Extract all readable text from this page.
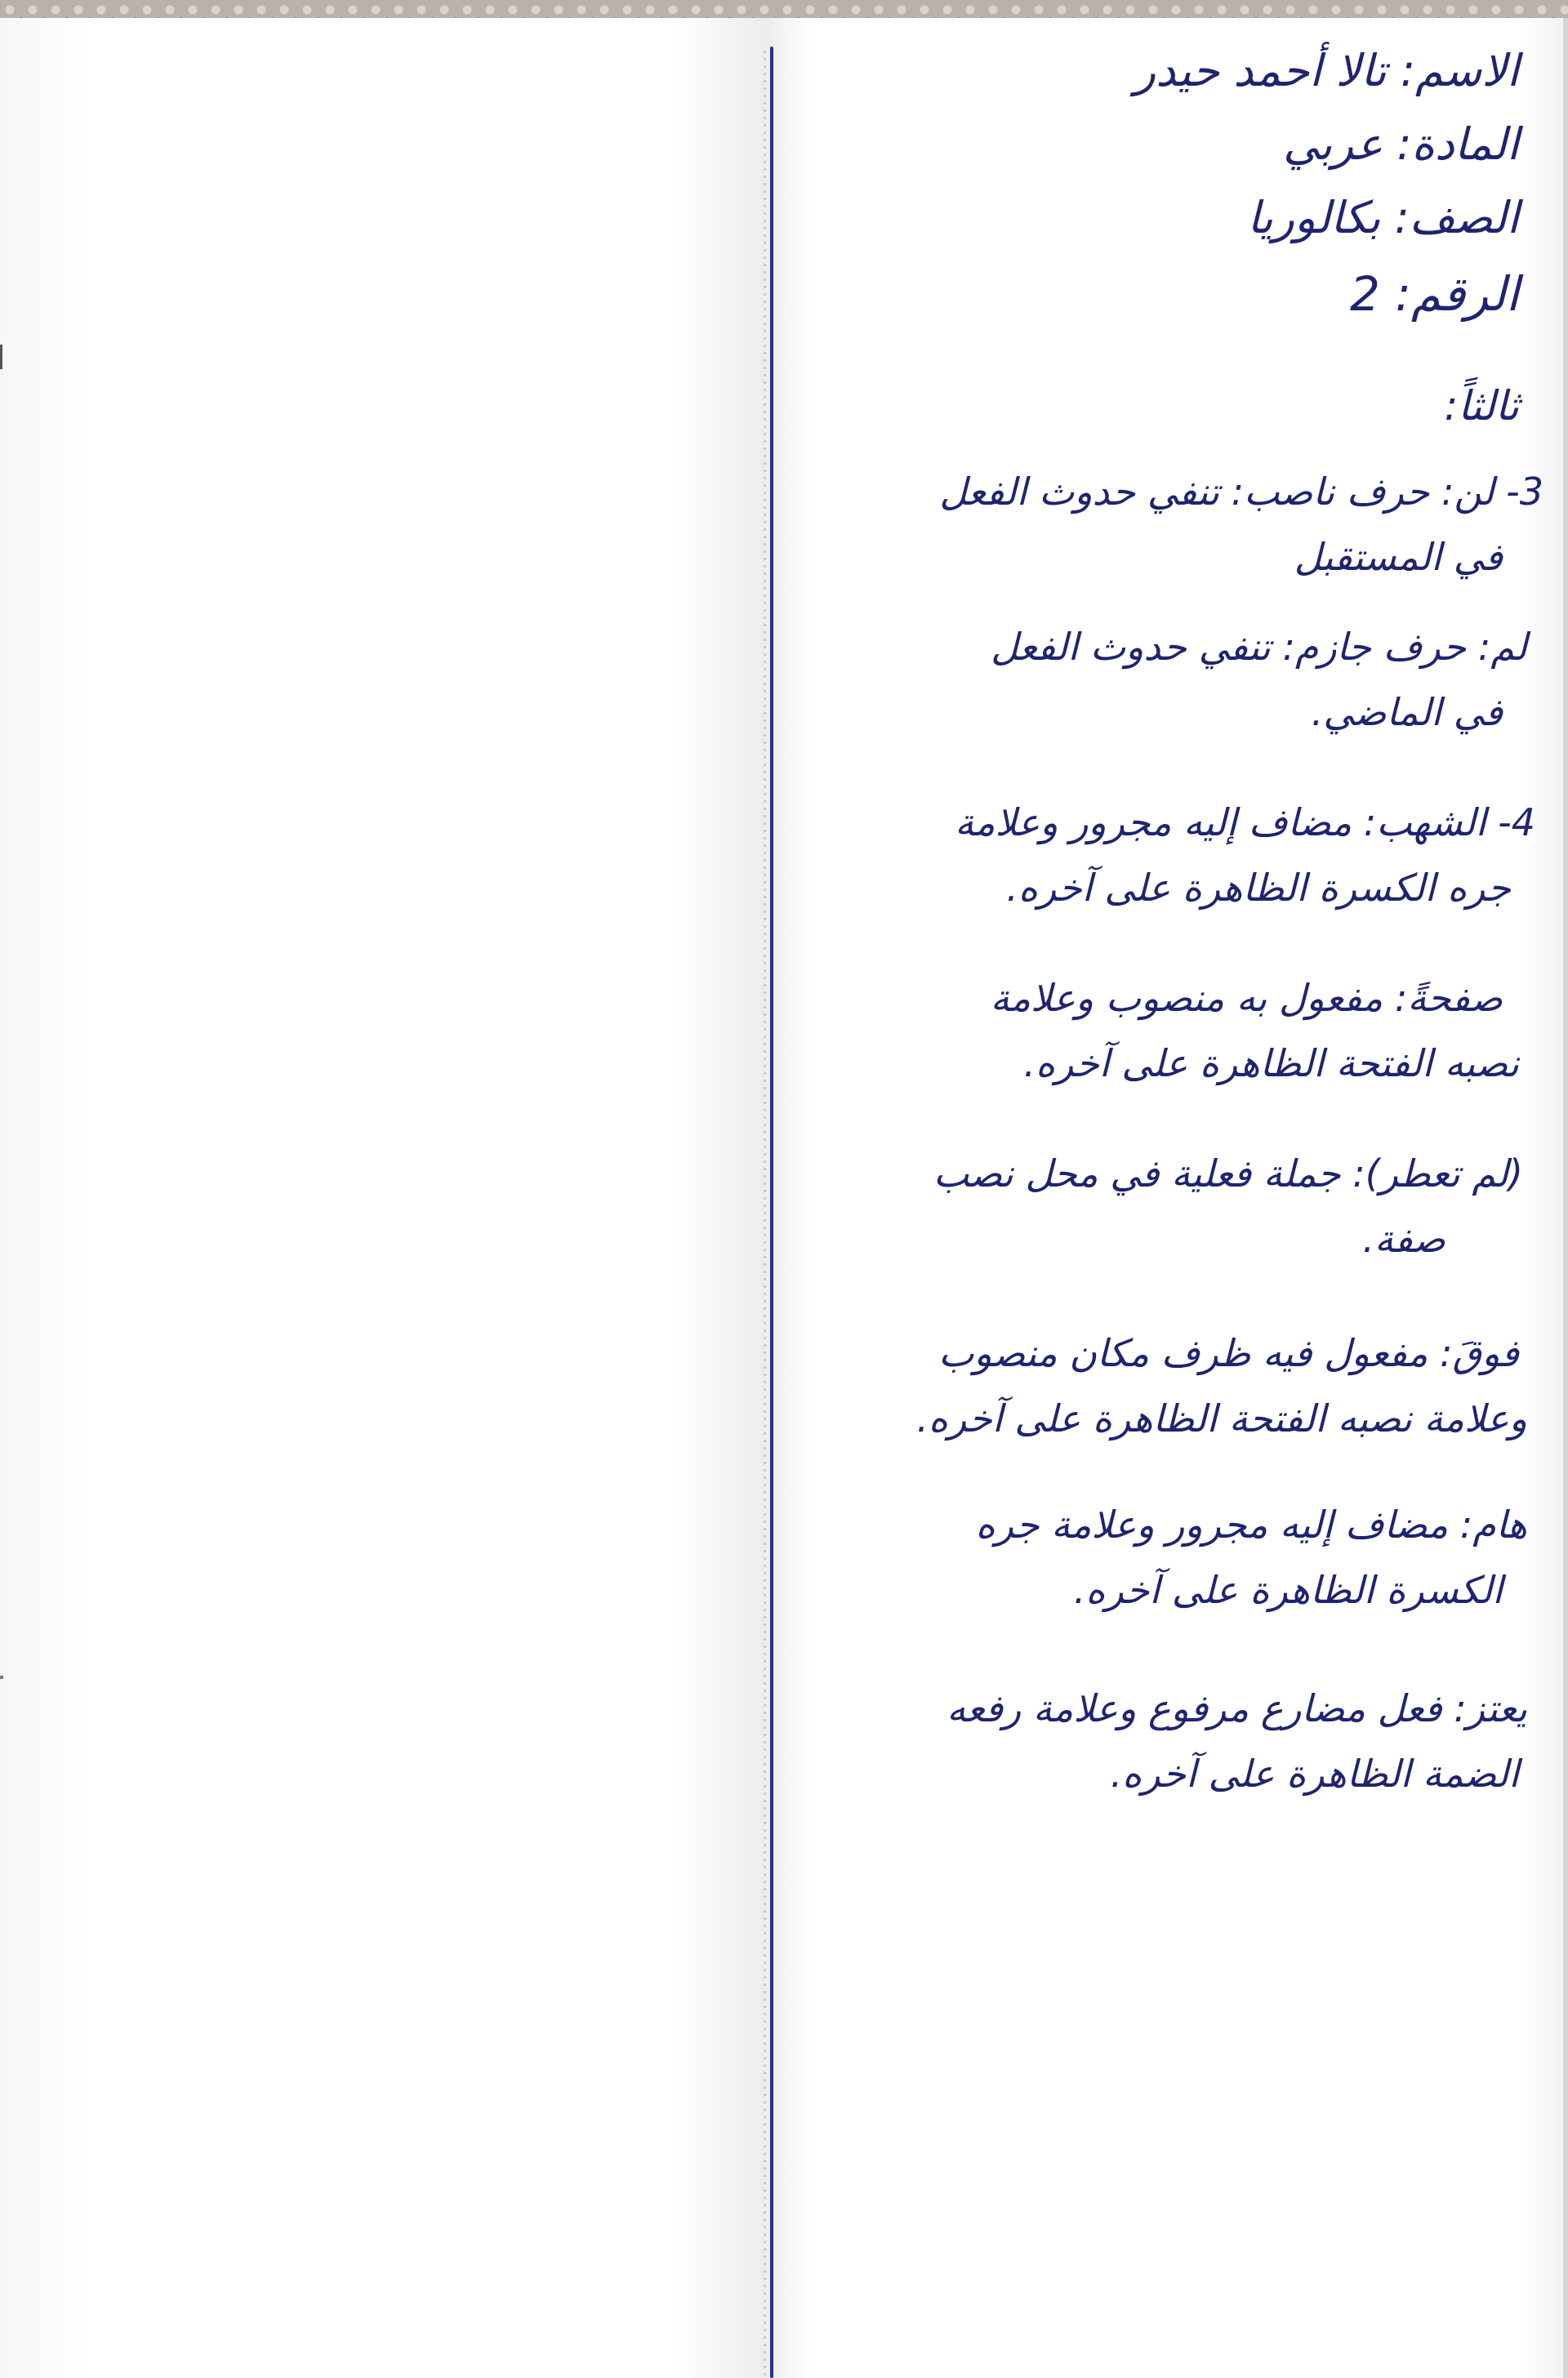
الاسم: تالا أحمد حيدر
المادة: عربي
الصف: بكالوريا
الرقم: 2
ثالثاً:
3- لن: حرف ناصب: تنفي حدوث الفعل
في المستقبل
لم: حرف جازم: تنفي حدوث الفعل
في الماضي.
4- الشهب: مضاف إليه مجرور وعلامة
جره الكسرة الظاهرة على آخره.
صفحةً: مفعول به منصوب وعلامة
نصبه الفتحة الظاهرة على آخره.
(لم تعطر): جملة فعلية في محل نصب
صفة.
فوقَ: مفعول فيه ظرف مكان منصوب
وعلامة نصبه الفتحة الظاهرة على آخره.
هام: مضاف إليه مجرور وعلامة جره
الكسرة الظاهرة على آخره.
يعتز: فعل مضارع مرفوع وعلامة رفعه
الضمة الظاهرة على آخره.
